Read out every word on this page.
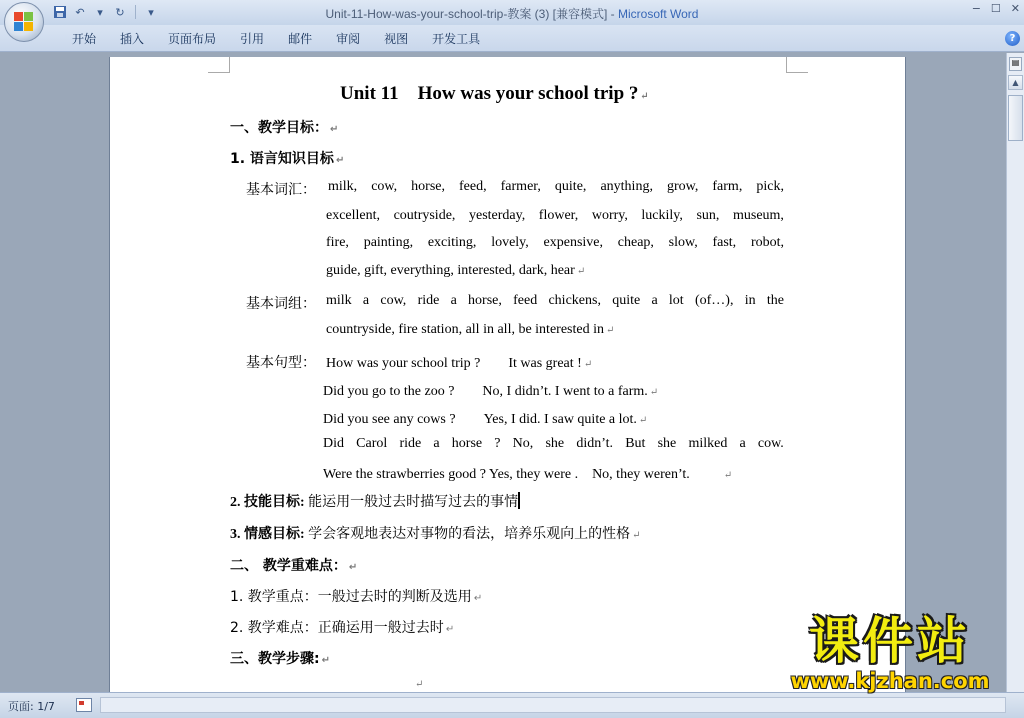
↶	▾	↻	▾	Unit-11-How-was-your-school-trip-教案 (3) [兼容模式] - Microsoft Word	− ☐ ✕
开始	插入	页面布局	引用	邮件	审阅	视图	开发工具	?
Unit 11　How was your school trip ? ↵
一、教学目标： ↵
1. 语言知识目标 ↵
基本词汇： milk, cow, horse, feed, farmer, quite, anything, grow, farm, pick,
excellent, coutryside, yesterday, flower, worry, luckily, sun, museum,
fire, painting, exciting, lovely, expensive, cheap, slow, fast, robot,
guide, gift, everything, interested, dark, hear ↵
基本词组： milk a cow, ride a horse, feed chickens, quite a lot (of…), in the
countryside, fire station, all in all, be interested in ↵
基本句型： How was your school trip ?　　It was great ! ↵
Did you go to the zoo ?　　No, I didn’t. I went to a farm. ↵
Did you see any cows ?　　Yes, I did. I saw quite a lot. ↵
Did Carol ride a horse ? No, she didn’t. But she milked a cow.
Were the strawberries good ? Yes, they were .　No, they weren’t.	↵
2. 技能目标: 能运用一般过去时描写过去的事情
3. 情感目标: 学会客观地表达对事物的看法，培养乐观向上的性格 ↵
二、 教学重难点： ↵
1. 教学重点：一般过去时的判断及选用 ↵
2. 教学难点：正确运用一般过去时 ↵
三、教学步骤: ↵
↵
▤
▲
页面: 1/7
课件站
www.kjzhan.com
